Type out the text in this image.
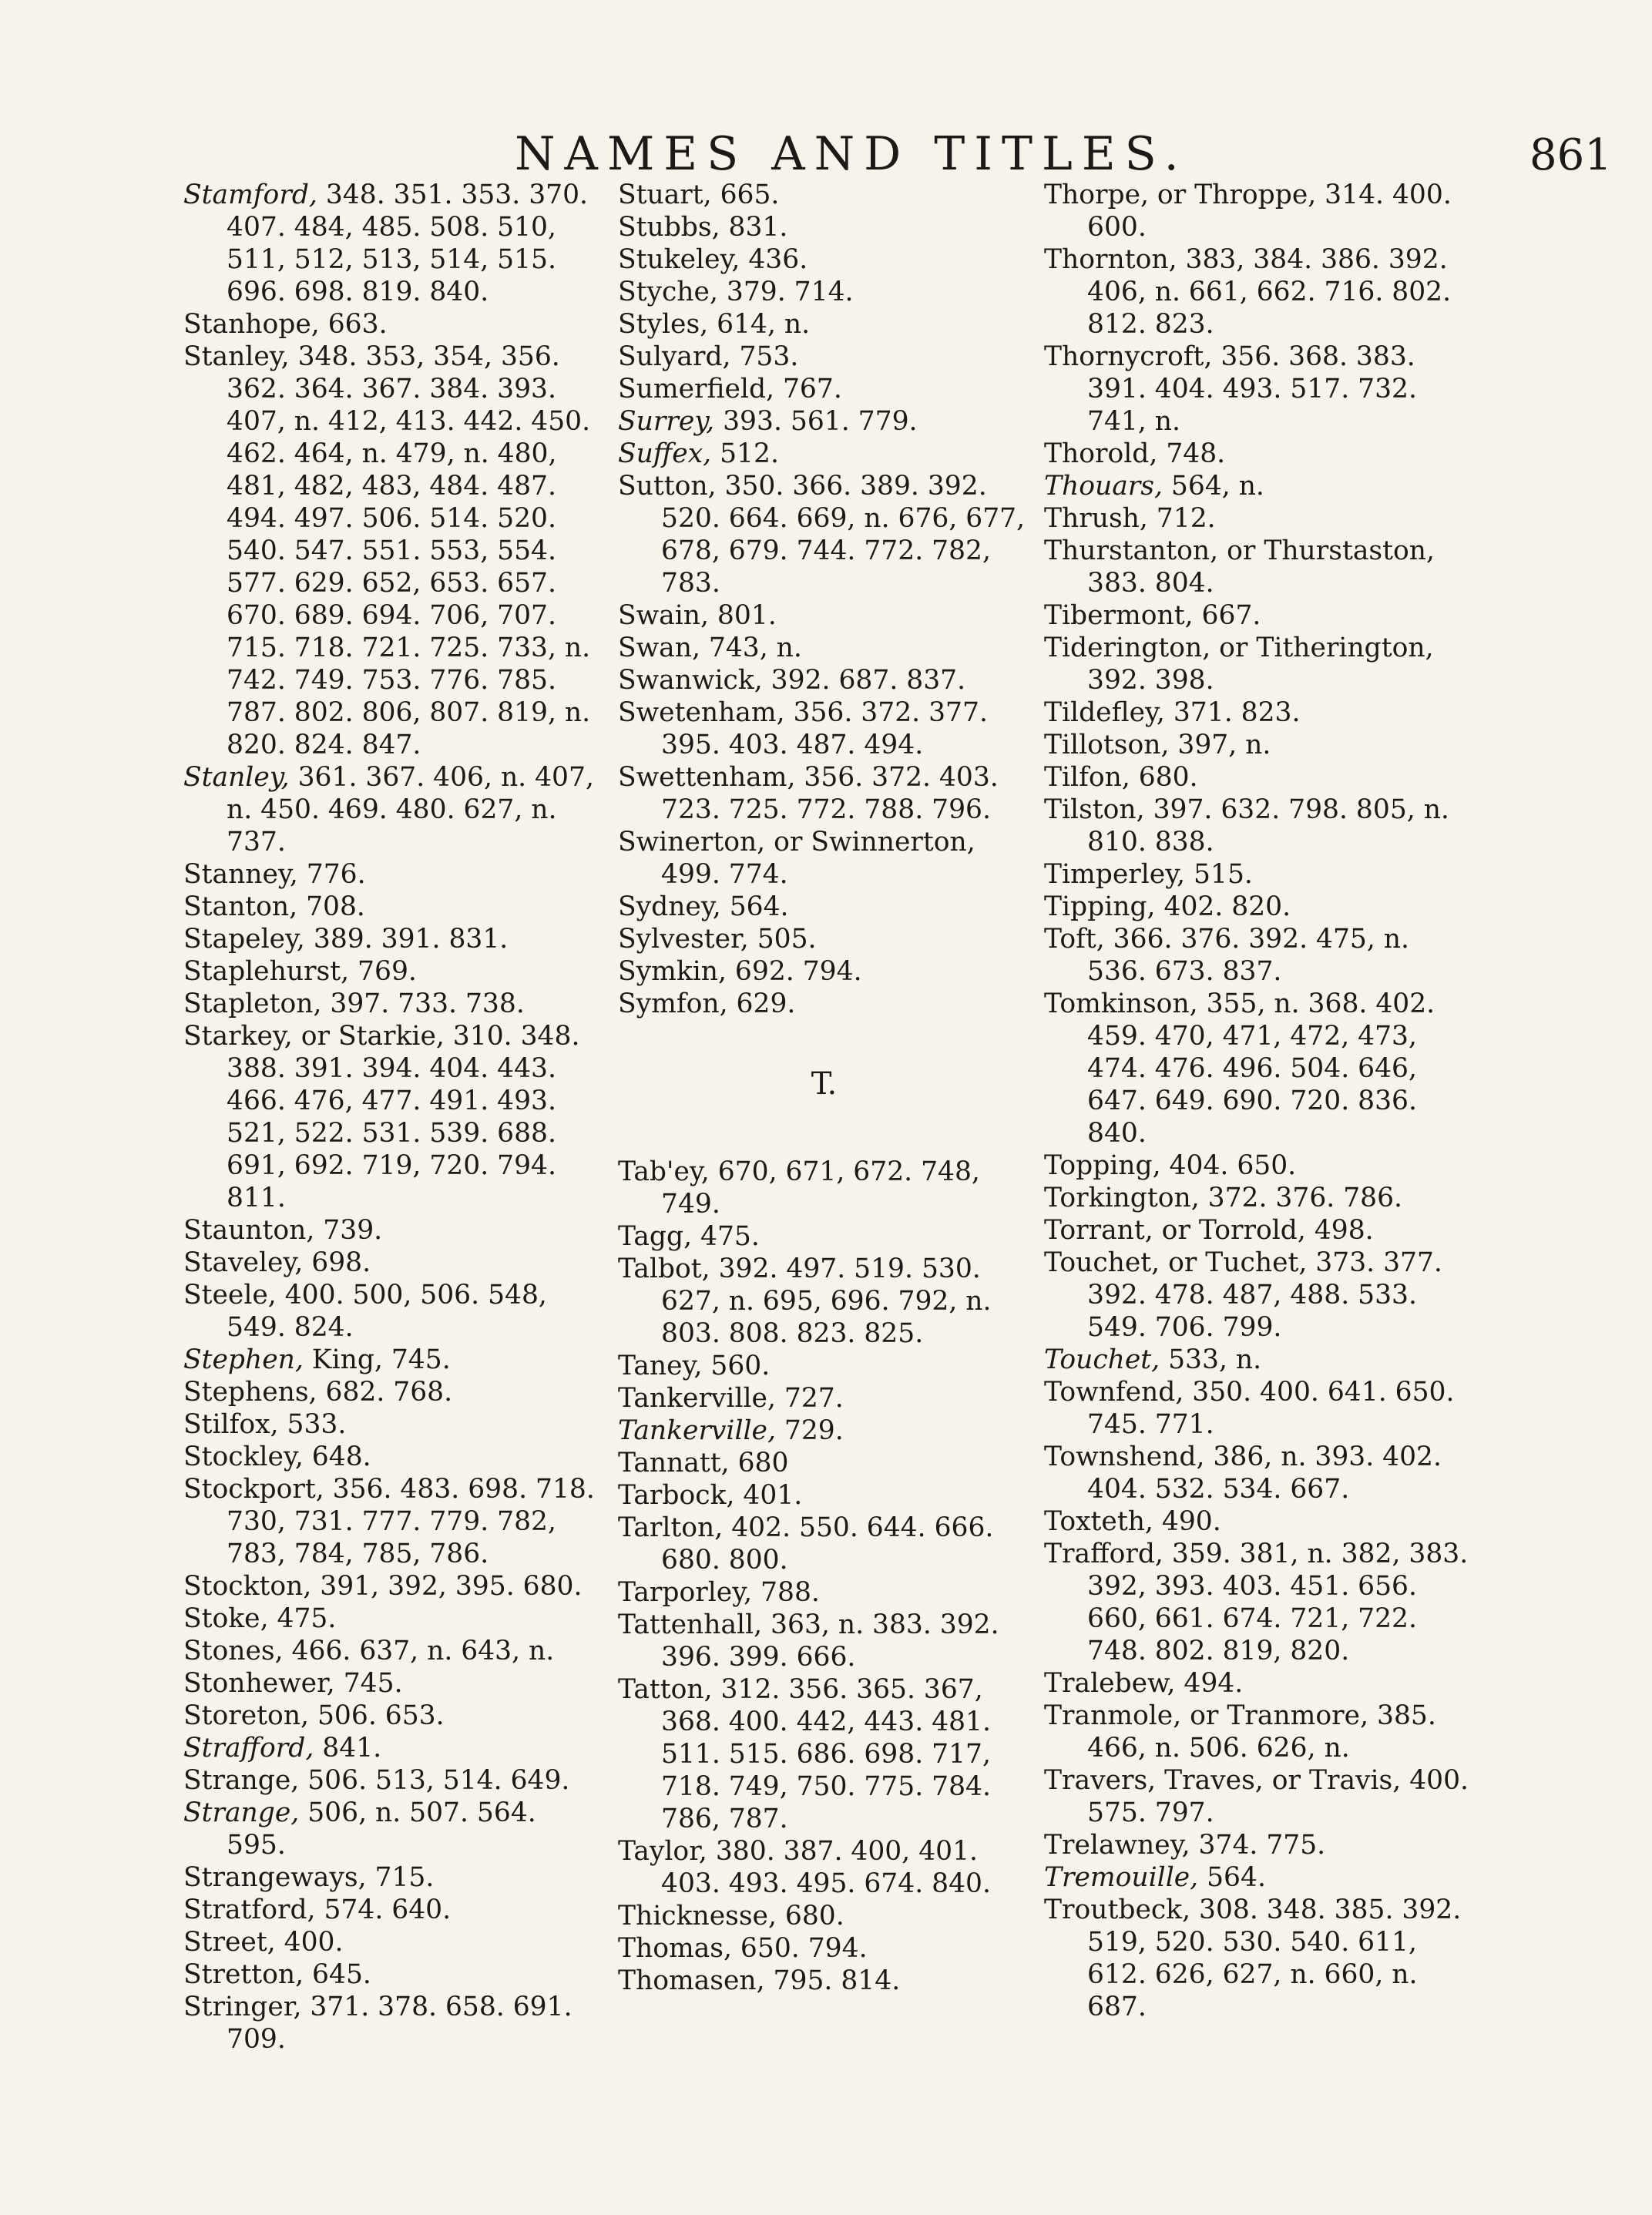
NAMES AND TITLES.	861

Stamford, 348. 351. 353. 370. 407. 484, 485. 508. 510, 511, 512, 513, 514, 515. 696. 698. 819. 840.

Stanhope, 663.

Stanley, 348. 353, 354, 356. 362. 364. 367. 384. 393. 407, n. 412, 413. 442. 450. 462. 464, n. 479, n. 480, 481, 482, 483, 484. 487. 494. 497. 506. 514. 520. 540. 547. 551. 553, 554. 577. 629. 652, 653. 657. 670. 689. 694. 706, 707. 715. 718. 721. 725. 733, n. 742. 749. 753. 776. 785. 787. 802. 806, 807. 819, n. 820. 824. 847.

Stanley, 361. 367. 406, n. 407, n. 450. 469. 480. 627, n. 737.

Stanney, 776.

Stanton, 708.

Stapeley, 389. 391. 831.

Staplehurst, 769.

Stapleton, 397. 733. 738.

Starkey, or Starkie, 310. 348. 388. 391. 394. 404. 443. 466. 476, 477. 491. 493. 521, 522. 531. 539. 688. 691, 692. 719, 720. 794. 811.

Staunton, 739.

Staveley, 698.

Steele, 400. 500, 506. 548, 549. 824.

Stephen, King, 745.

Stephens, 682. 768.

Stilfox, 533.

Stockley, 648.

Stockport, 356. 483. 698. 718. 730, 731. 777. 779. 782, 783, 784, 785, 786.

Stockton, 391, 392, 395. 680.

Stoke, 475.

Stones, 466. 637, n. 643, n.

Stonhewer, 745.

Storeton, 506. 653.

Strafford, 841.

Strange, 506. 513, 514. 649.

Strange, 506, n. 507. 564. 595.

Strangeways, 715.

Stratford, 574. 640.

Street, 400.

Stretton, 645.

Stringer, 371. 378. 658. 691. 709.

Stuart, 665.

Stubbs, 831.

Stukeley, 436.

Styche, 379. 714.

Styles, 614, n.

Sulyard, 753.

Sumerfield, 767.

Surrey, 393. 561. 779.

Suffex, 512.

Sutton, 350. 366. 389. 392. 520. 664. 669, n. 676, 677, 678, 679. 744. 772. 782, 783.

Swain, 801.

Swan, 743, n.

Swanwick, 392. 687. 837.

Swetenham, 356. 372. 377. 395. 403. 487. 494.

Swettenham, 356. 372. 403. 723. 725. 772. 788. 796.

Swinerton, or Swinnerton, 499. 774.

Sydney, 564.

Sylvester, 505.

Symkin, 692. 794.

Symfon, 629.

T.

Tab'ey, 670, 671, 672. 748, 749.

Tagg, 475.

Talbot, 392. 497. 519. 530. 627, n. 695, 696. 792, n. 803. 808. 823. 825.

Taney, 560.

Tankerville, 727.

Tankerville, 729.

Tannatt, 680

Tarbock, 401.

Tarlton, 402. 550. 644. 666. 680. 800.

Tarporley, 788.

Tattenhall, 363, n. 383. 392. 396. 399. 666.

Tatton, 312. 356. 365. 367, 368. 400. 442, 443. 481. 511. 515. 686. 698. 717, 718. 749, 750. 775. 784. 786, 787.

Taylor, 380. 387. 400, 401. 403. 493. 495. 674. 840.

Thicknesse, 680.

Thomas, 650. 794.

Thomasen, 795. 814.

Thorpe, or Throppe, 314. 400. 600.

Thornton, 383, 384. 386. 392. 406, n. 661, 662. 716. 802. 812. 823.

Thornycroft, 356. 368. 383. 391. 404. 493. 517. 732. 741, n.

Thorold, 748.

Thouars, 564, n.

Thrush, 712.

Thurstanton, or Thurstaston, 383. 804.

Tibermont, 667.

Tiderington, or Titherington, 392. 398.

Tildefley, 371. 823.

Tillotson, 397, n.

Tilfon, 680.

Tilston, 397. 632. 798. 805, n. 810. 838.

Timperley, 515.

Tipping, 402. 820.

Toft, 366. 376. 392. 475, n. 536. 673. 837.

Tomkinson, 355, n. 368. 402. 459. 470, 471, 472, 473, 474. 476. 496. 504. 646, 647. 649. 690. 720. 836. 840.

Topping, 404. 650.

Torkington, 372. 376. 786.

Torrant, or Torrold, 498.

Touchet, or Tuchet, 373. 377. 392. 478. 487, 488. 533. 549. 706. 799.

Touchet, 533, n.

Townfend, 350. 400. 641. 650. 745. 771.

Townshend, 386, n. 393. 402. 404. 532. 534. 667.

Toxteth, 490.

Trafford, 359. 381, n. 382, 383. 392, 393. 403. 451. 656. 660, 661. 674. 721, 722. 748. 802. 819, 820.

Tralebew, 494.

Tranmole, or Tranmore, 385. 466, n. 506. 626, n.

Travers, Traves, or Travis, 400. 575. 797.

Trelawney, 374. 775.

Tremouille, 564.

Troutbeck, 308. 348. 385. 392. 519, 520. 530. 540. 611, 612. 626, 627, n. 660, n. 687.
